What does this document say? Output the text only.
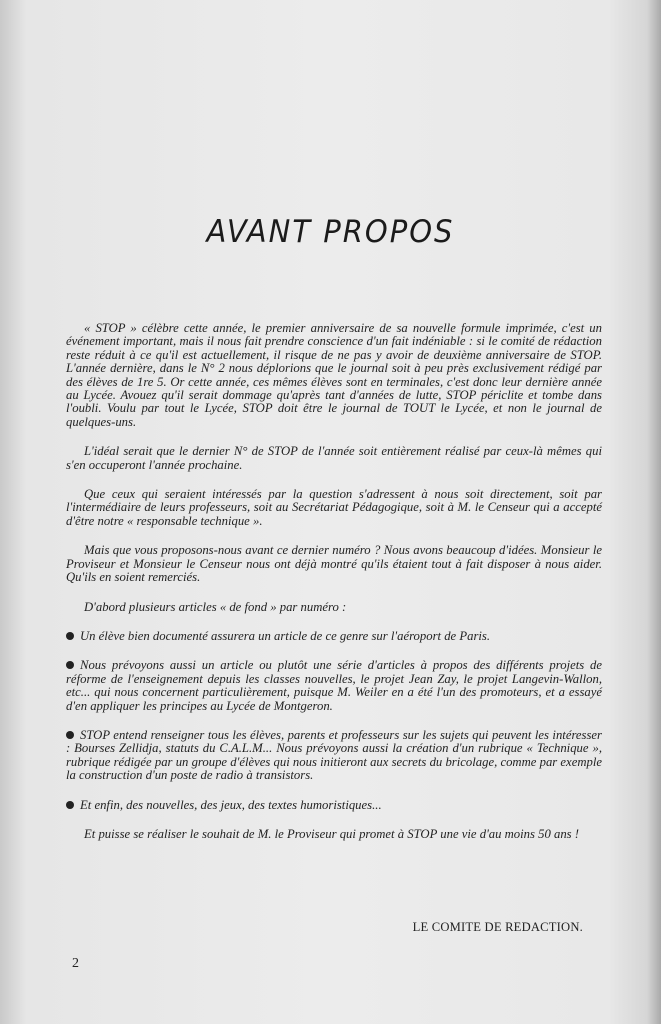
AVANT PROPOS

« STOP » célèbre cette année, le premier anniversaire de sa nouvelle formule imprimée, c'est un événement important, mais il nous fait prendre conscience d'un fait indéniable : si le comité de rédaction reste réduit à ce qu'il est actuellement, il risque de ne pas y avoir de deuxième anniversaire de STOP. L'année dernière, dans le N° 2 nous déplorions que le journal soit à peu près exclusivement rédigé par des élèves de 1re 5. Or cette année, ces mêmes élèves sont en terminales, c'est donc leur dernière année au Lycée. Avouez qu'il serait dommage qu'après tant d'années de lutte, STOP périclite et tombe dans l'oubli. Voulu par tout le Lycée, STOP doit être le journal de TOUT le Lycée, et non le journal de quelques-uns.

L'idéal serait que le dernier N° de STOP de l'année soit entièrement réalisé par ceux-là mêmes qui s'en occuperont l'année prochaine.

Que ceux qui seraient intéressés par la question s'adressent à nous soit directement, soit par l'intermédiaire de leurs professeurs, soit au Secrétariat Pédagogique, soit à M. le Censeur qui a accepté d'être notre « responsable technique ».

Mais que vous proposons-nous avant ce dernier numéro ? Nous avons beaucoup d'idées. Monsieur le Proviseur et Monsieur le Censeur nous ont déjà montré qu'ils étaient tout à fait disposer à nous aider. Qu'ils en soient remerciés.

D'abord plusieurs articles « de fond » par numéro :

Un élève bien documenté assurera un article de ce genre sur l'aéroport de Paris.

Nous prévoyons aussi un article ou plutôt une série d'articles à propos des différents projets de réforme de l'enseignement depuis les classes nouvelles, le projet Jean Zay, le projet Langevin-Wallon, etc... qui nous concernent particulièrement, puisque M. Weiler en a été l'un des promoteurs, et a essayé d'en appliquer les principes au Lycée de Montgeron.

STOP entend renseigner tous les élèves, parents et professeurs sur les sujets qui peuvent les intéresser : Bourses Zellidja, statuts du C.A.L.M... Nous prévoyons aussi la création d'un rubrique « Technique », rubrique rédigée par un groupe d'élèves qui nous initieront aux secrets du bricolage, comme par exemple la construction d'un poste de radio à transistors.

Et enfin, des nouvelles, des jeux, des textes humoristiques...

Et puisse se réaliser le souhait de M. le Proviseur qui promet à STOP une vie d'au moins 50 ans !

LE COMITE DE REDACTION.
2
